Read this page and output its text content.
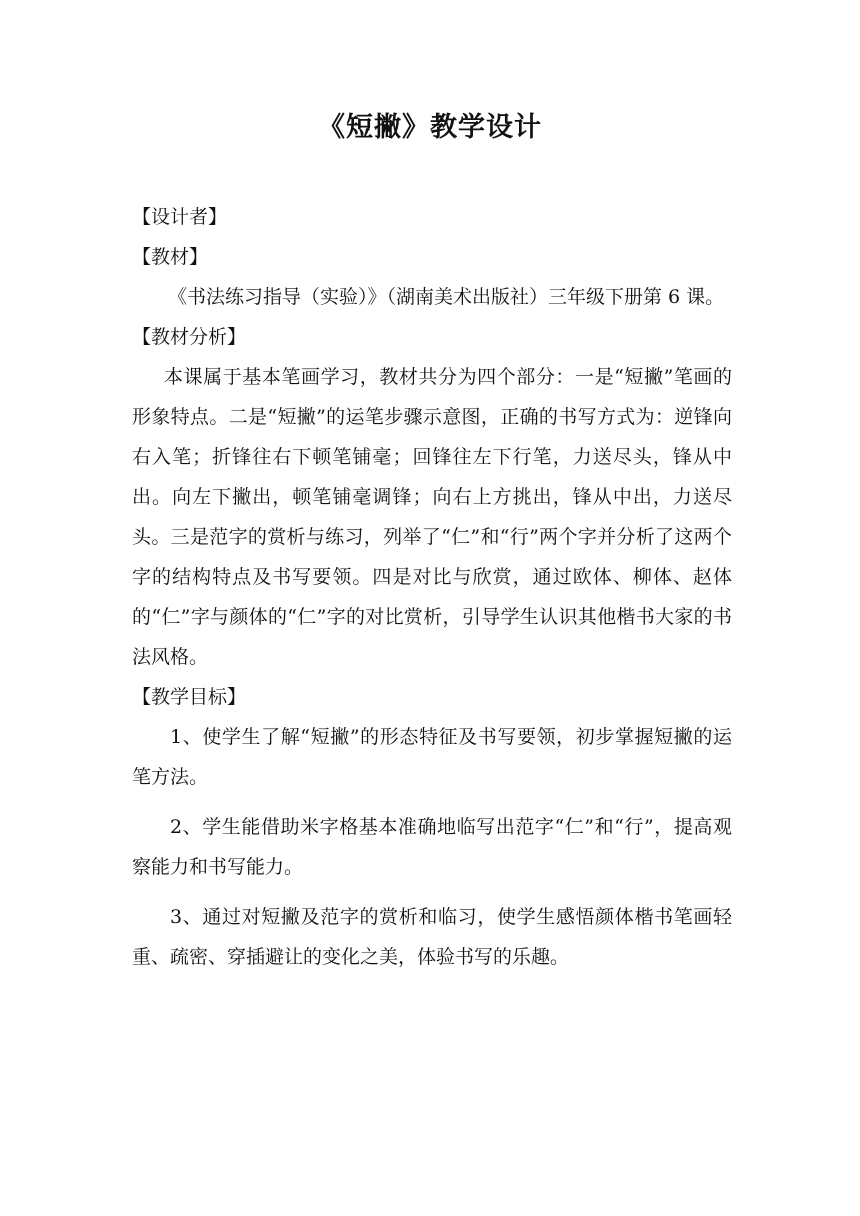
《短撇》教学设计

【设计者】

【教材】

《书法练习指导（实验）》（湖南美术出版社）三年级下册第 6 课。

【教材分析】

本课属于基本笔画学习，教材共分为四个部分：一是“短撇”笔画的形象特点。二是“短撇”的运笔步骤示意图，正确的书写方式为：逆锋向右入笔；折锋往右下顿笔铺毫；回锋往左下行笔，力送尽头，锋从中出。向左下撇出，顿笔铺毫调锋；向右上方挑出，锋从中出，力送尽头。三是范字的赏析与练习，列举了“仁”和“行”两个字并分析了这两个字的结构特点及书写要领。四是对比与欣赏，通过欧体、柳体、赵体的“仁”字与颜体的“仁”字的对比赏析，引导学生认识其他楷书大家的书法风格。

【教学目标】

1、使学生了解“短撇”的形态特征及书写要领，初步掌握短撇的运笔方法。

2、学生能借助米字格基本准确地临写出范字“仁”和“行”，提高观察能力和书写能力。

3、通过对短撇及范字的赏析和临习，使学生感悟颜体楷书笔画轻重、疏密、穿插避让的变化之美，体验书写的乐趣。
